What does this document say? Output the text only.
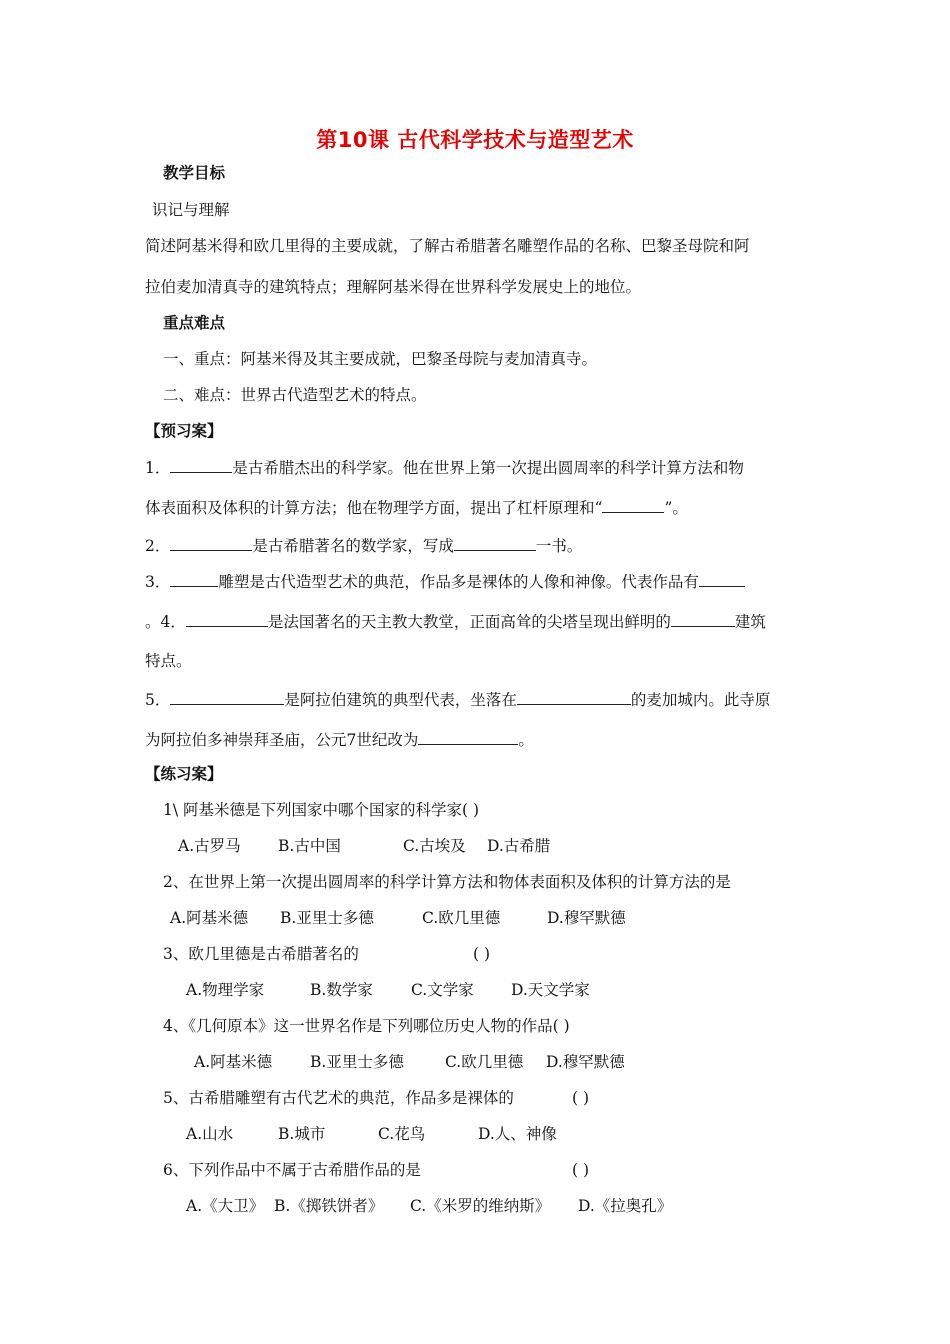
第10课 古代科学技术与造型艺术
教学目标
识记与理解
简述阿基米得和欧几里得的主要成就，了解古希腊著名雕塑作品的名称、巴黎圣母院和阿
拉伯麦加清真寺的建筑特点；理解阿基米得在世界科学发展史上的地位。
重点难点
一、重点：阿基米得及其主要成就，巴黎圣母院与麦加清真寺。
二、难点：世界古代造型艺术的特点。
【预习案】
1．	是古希腊杰出的科学家。他在世界上第一次提出圆周率的科学计算方法和物
体表面积及体积的计算方法；他在物理学方面，提出了杠杆原理和“	”。
2．	是古希腊著名的数学家，写成	一书。
3．	雕塑是古代造型艺术的典范，作品多是裸体的人像和神像。代表作品有
。4．	是法国著名的天主教大教堂，正面高耸的尖塔呈现出鲜明的	建筑
特点。
5．	是阿拉伯建筑的典型代表，坐落在	的麦加城内。此寺原
为阿拉伯多神崇拜圣庙，公元7世纪改为	。
【练习案】
1\ 阿基米德是下列国家中哪个国家的科学家( )
A.古罗马 B.古中国	C.古埃及 D.古希腊
2、在世界上第一次提出圆周率的科学计算方法和物体表面积及体积的计算方法的是
A.阿基米德 B.亚里士多德	C.欧几里德	D.穆罕默德
3、欧几里德是古希腊著名的	( )
A.物理学家	B.数学家 C.文学家 D.天文学家
4、《几何原本》这一世界名作是下列哪位历史人物的作品( )
A.阿基米德 B.亚里士多德	C.欧几里德 D.穆罕默德
5、古希腊雕塑有古代艺术的典范，作品多是裸体的	( )
A.山水	B.城市	C.花鸟	D.人、神像
6、下列作品中不属于古希腊作品的是	( )
A.《大卫》 B.《掷铁饼者》 C.《米罗的维纳斯》 D.《拉奥孔》
